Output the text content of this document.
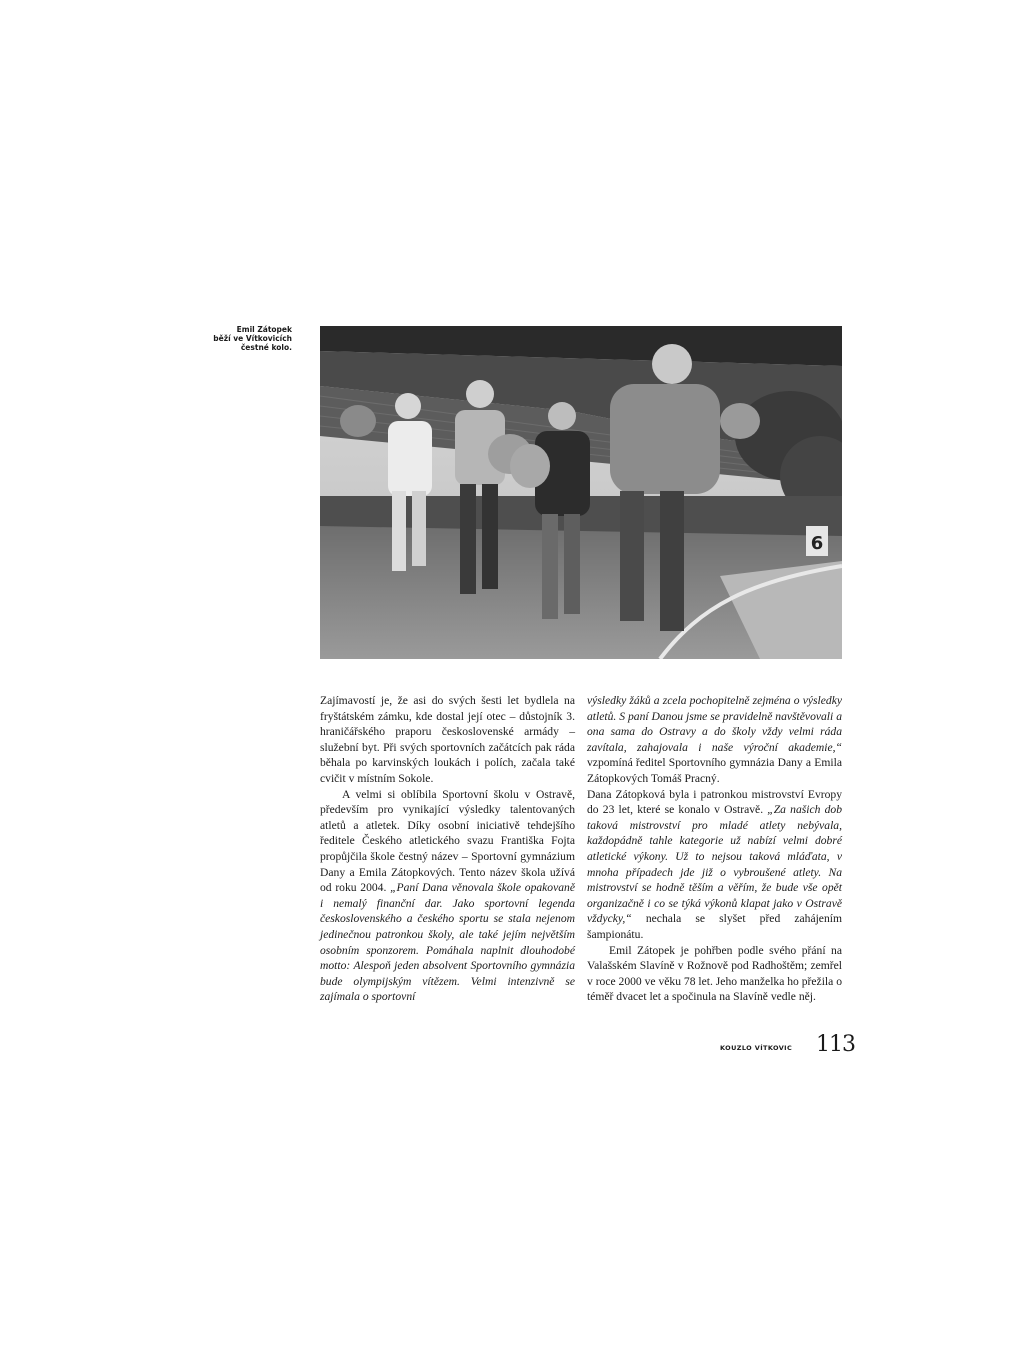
Emil Zátopek
běží ve Vítkovicích
čestné kolo.
6

Zajímavostí je, že asi do svých šesti let bydlela na fryštátském zámku, kde dostal její otec – důstojník 3. hraničářského praporu československé armády – služební byt. Při svých sportovních začátcích pak ráda běhala po karvinských loukách i polích, začala také cvičit v místním Sokole.

A velmi si oblíbila Sportovní školu v Ostravě, především pro vynikající výsledky talentovaných atletů a atletek. Díky osobní iniciativě tehdejšího ředitele Českého atletického svazu Františka Fojta propůjčila škole čestný název – Sportovní gymnázium Dany a Emila Zátopkových. Tento název škola užívá od roku 2004. „Paní Dana věnovala škole opakovaně i nemalý finanční dar. Jako sportovní legenda československého a českého sportu se stala nejenom jedinečnou patronkou školy, ale také jejím největším osobním sponzorem. Pomáhala naplnit dlouhodobé motto: Alespoň jeden absolvent Sportovního gymnázia bude olympijským vítězem. Velmi intenzivně se zajímala o sportovní

výsledky žáků a zcela pochopitelně zejména o výsledky atletů. S paní Danou jsme se pravidelně navštěvovali a ona sama do Ostravy a do školy vždy velmi ráda zavítala, zahajovala i naše výroční akademie,“ vzpomíná ředitel Sportovního gymnázia Dany a Emila Zátopkových Tomáš Pracný.

Dana Zátopková byla i patronkou mistrovství Evropy do 23 let, které se konalo v Ostravě. „Za našich dob taková mistrovství pro mladé atlety nebývala, každopádně tahle kategorie už nabízí velmi dobré atletické výkony. Už to nejsou taková mláďata, v mnoha případech jde již o vybroušené atlety. Na mistrovství se hodně těším a věřím, že bude vše opět organizačně i co se týká výkonů klapat jako v Ostravě vždycky,“ nechala se slyšet před zahájením šampionátu.

Emil Zátopek je pohřben podle svého přání na Valašském Slavíně v Rožnově pod Radhoštěm; zemřel v roce 2000 ve věku 78 let. Jeho manželka ho přežila o téměř dvacet let a spočinula na Slavíně vedle něj.

KOUZLO VÍTKOVIC 113
